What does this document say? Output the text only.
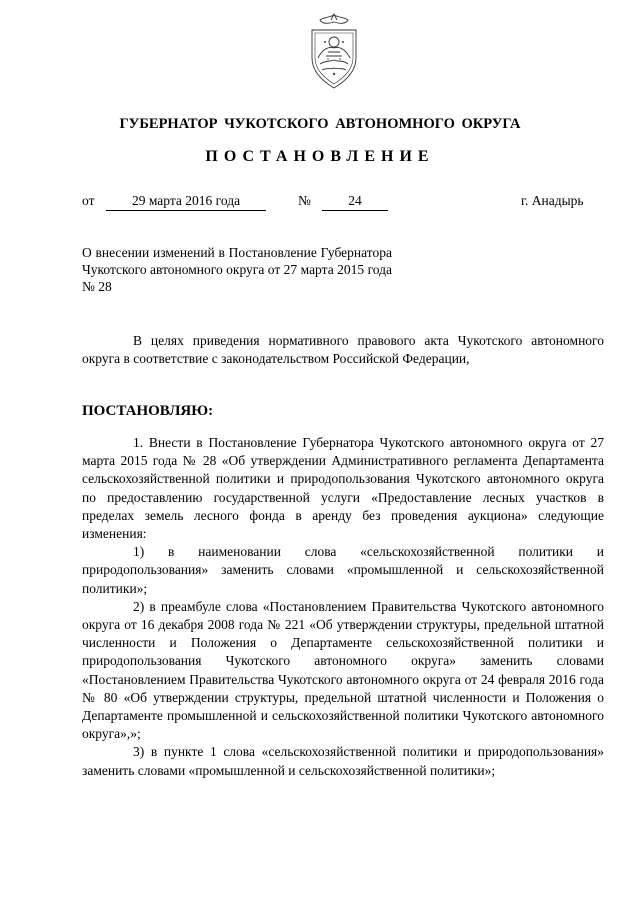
ГУБЕРНАТОР ЧУКОТСКОГО АВТОНОМНОГО ОКРУГА
ПОСТАНОВЛЕНИЕ
от	29 марта 2016 года	№	24	г. Анадырь
О внесении изменений в Постановление Губернатора Чукотского автономного округа от 27 марта 2015 года № 28
В целях приведения нормативного правового акта Чукотского автономного округа в соответствие с законодательством Российской Федерации,
ПОСТАНОВЛЯЮ:

1. Внести в Постановление Губернатора Чукотского автономного округа от 27 марта 2015 года № 28 «Об утверждении Административного регламента Департамента сельскохозяйственной политики и природопользования Чукотского автономного округа по предоставлению государственной услуги «Предоставление лесных участков в пределах земель лесного фонда в аренду без проведения аукциона» следующие изменения:

1) в наименовании слова «сельскохозяйственной политики и природопользования» заменить словами «промышленной и сельскохозяйственной политики»;

2) в преамбуле слова «Постановлением Правительства Чукотского автономного округа от 16 декабря 2008 года № 221 «Об утверждении структуры, предельной штатной численности и Положения о Департаменте сельскохозяйственной политики и природопользования Чукотского автономного округа» заменить словами «Постановлением Правительства Чукотского автономного округа от 24 февраля 2016 года № 80 «Об утверждении структуры, предельной штатной численности и Положения о Департаменте промышленной и сельскохозяйственной политики Чукотского автономного округа»,»;

3) в пункте 1 слова «сельскохозяйственной политики и природопользования» заменить словами «промышленной и сельскохозяйственной политики»;
